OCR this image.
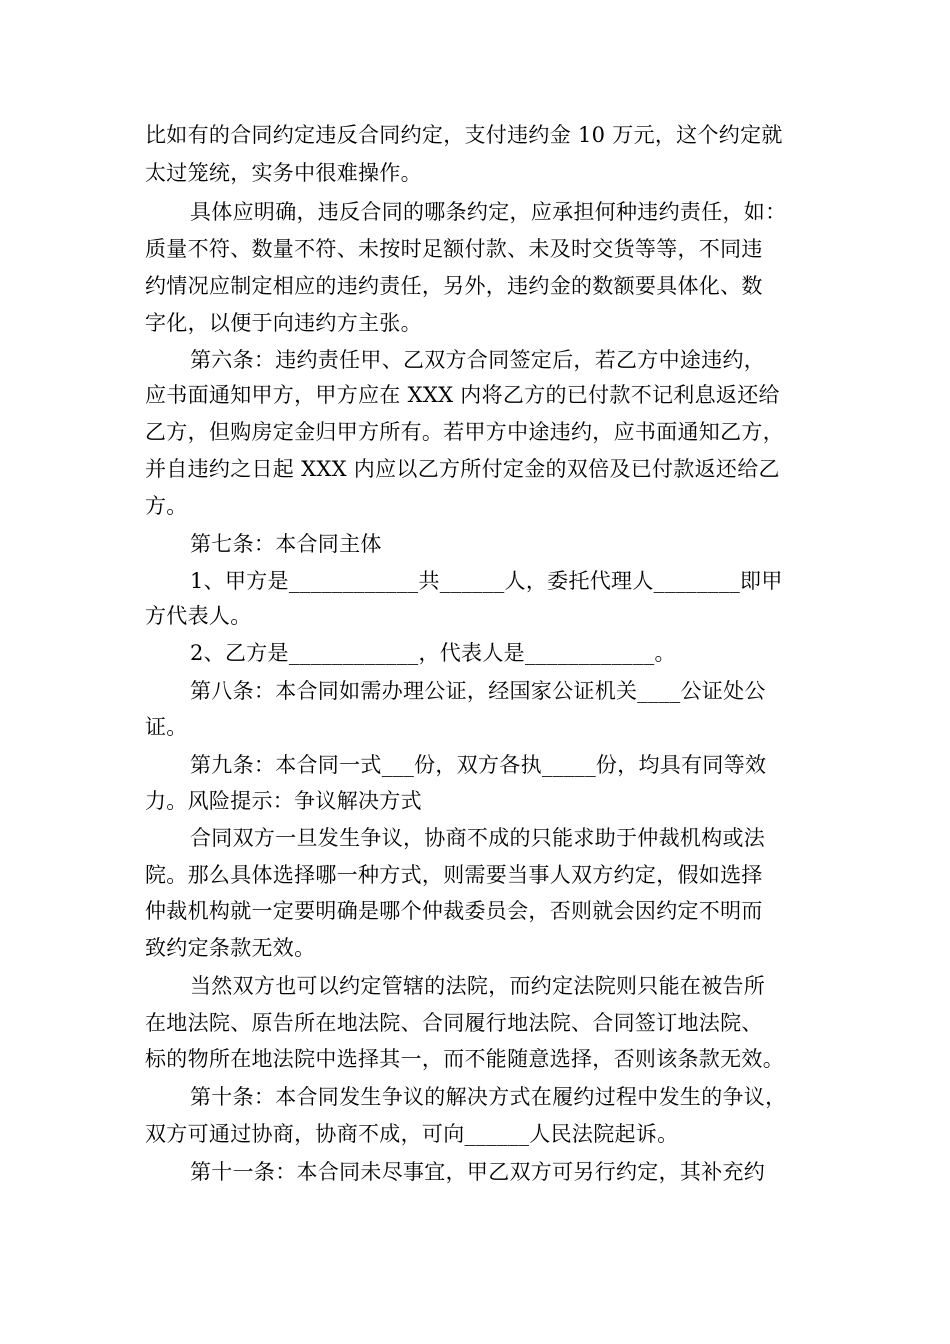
比如有的合同约定违反合同约定，支付违约金 10 万元，这个约定就
太过笼统，实务中很难操作。
具体应明确，违反合同的哪条约定，应承担何种违约责任，如：
质量不符、数量不符、未按时足额付款、未及时交货等等，不同违
约情况应制定相应的违约责任，另外，违约金的数额要具体化、数
字化，以便于向违约方主张。
第六条：违约责任甲、乙双方合同签定后，若乙方中途违约，
应书面通知甲方，甲方应在 XXX 内将乙方的已付款不记利息返还给
乙方，但购房定金归甲方所有。若甲方中途违约，应书面通知乙方，
并自违约之日起 XXX 内应以乙方所付定金的双倍及已付款返还给乙
方。
第七条：本合同主体
1、甲方是____________共______人，委托代理人________即甲
方代表人。
2、乙方是____________，代表人是____________。
第八条：本合同如需办理公证，经国家公证机关____公证处公
证。
第九条：本合同一式___份，双方各执_____份，均具有同等效
力。风险提示：争议解决方式
合同双方一旦发生争议，协商不成的只能求助于仲裁机构或法
院。那么具体选择哪一种方式，则需要当事人双方约定，假如选择
仲裁机构就一定要明确是哪个仲裁委员会，否则就会因约定不明而
致约定条款无效。
当然双方也可以约定管辖的法院，而约定法院则只能在被告所
在地法院、原告所在地法院、合同履行地法院、合同签订地法院、
标的物所在地法院中选择其一，而不能随意选择，否则该条款无效。
第十条：本合同发生争议的解决方式在履约过程中发生的争议，
双方可通过协商，协商不成，可向______人民法院起诉。
第十一条：本合同未尽事宜，甲乙双方可另行约定，其补充约
